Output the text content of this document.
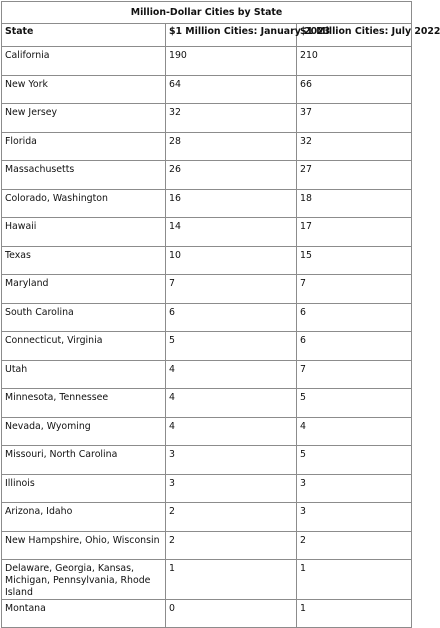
Million-Dollar Cities by State		
State	$1 Million Cities: January 2023	$1 Million Cities: July 2022
California	190	210
New York	64	66
New Jersey	32	37
Florida	28	32
Massachusetts	26	27
Colorado, Washington	16	18
Hawaii	14	17
Texas	10	15
Maryland	7	7
South Carolina	6	6
Connecticut, Virginia	5	6
Utah	4	7
Minnesota, Tennessee	4	5
Nevada, Wyoming	4	4
Missouri, North Carolina	3	5
Illinois	3	3
Arizona, Idaho	2	3
New Hampshire, Ohio, Wisconsin	2	2
Delaware, Georgia, Kansas, Michigan, Pennsylvania, Rhode Island	1	1
Montana	0	1
